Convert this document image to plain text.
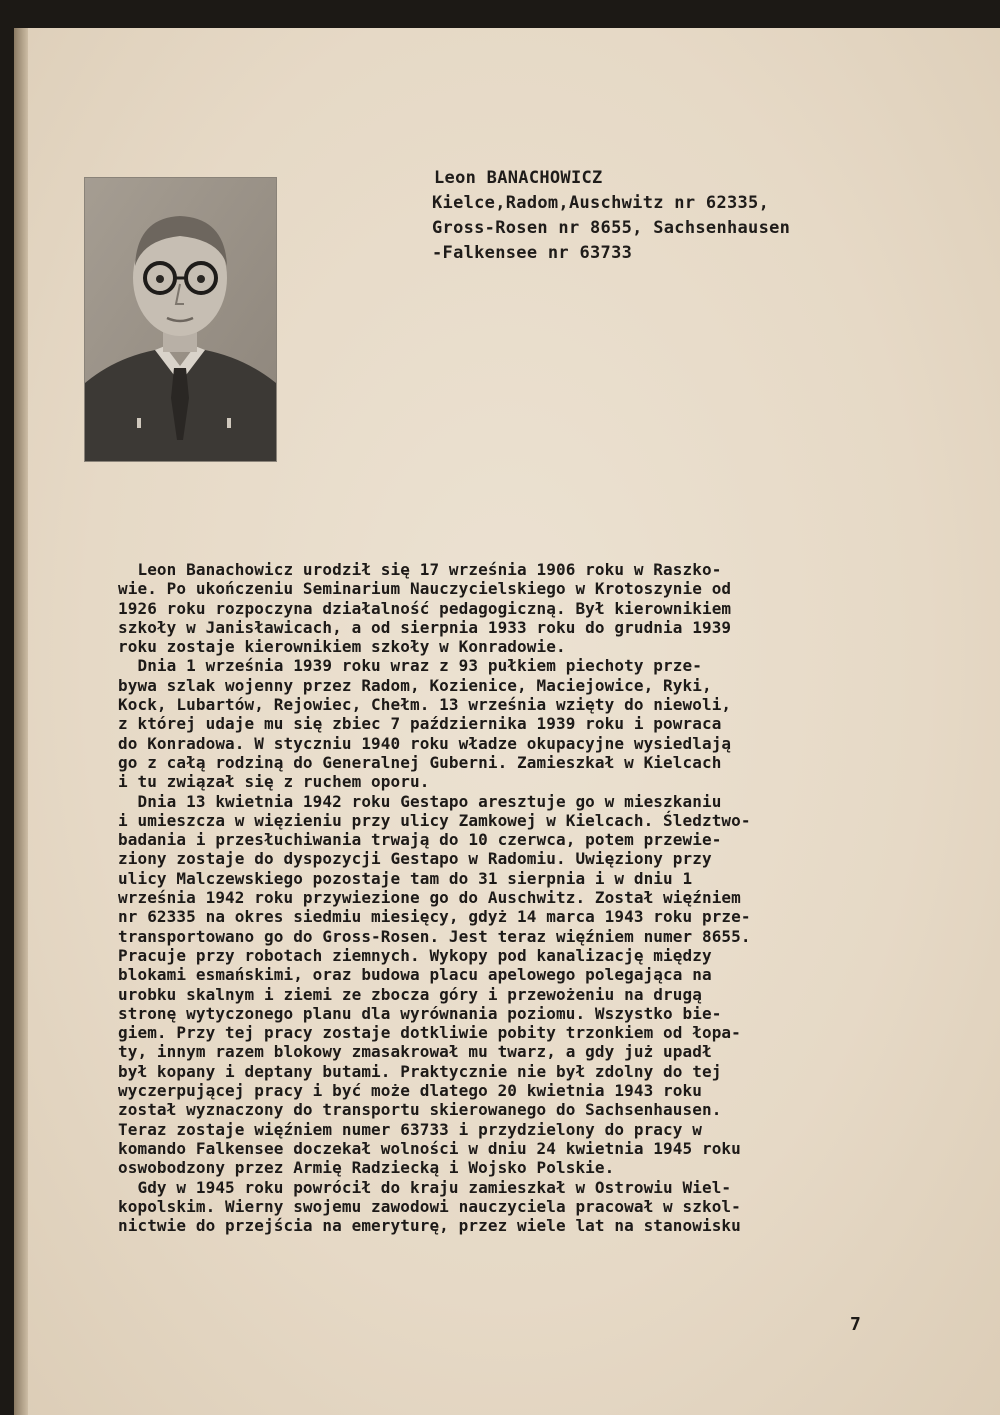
Leon BANACHOWICZ
Kielce,Radom,Auschwitz nr 62335,
Gross-Rosen nr 8655, Sachsenhausen
-Falkensee nr 63733
Leon Banachowicz urodził się 17 września 1906 roku w Raszko-
wie. Po ukończeniu Seminarium Nauczycielskiego w Krotoszynie od
1926 roku rozpoczyna działalność pedagogiczną. Był kierownikiem
szkoły w Janisławicach, a od sierpnia 1933 roku do grudnia 1939
roku zostaje kierownikiem szkoły w Konradowie.
Dnia 1 września 1939 roku wraz z 93 pułkiem piechoty prze-
bywa szlak wojenny przez Radom, Kozienice, Maciejowice, Ryki,
Kock, Lubartów, Rejowiec, Chełm. 13 września wzięty do niewoli,
z której udaje mu się zbiec 7 października 1939 roku i powraca
do Konradowa. W styczniu 1940 roku władze okupacyjne wysiedlają
go z całą rodziną do Generalnej Guberni. Zamieszkał w Kielcach
i tu związał się z ruchem oporu.
Dnia 13 kwietnia 1942 roku Gestapo aresztuje go w mieszkaniu
i umieszcza w więzieniu przy ulicy Zamkowej w Kielcach. Śledztwo-
badania i przesłuchiwania trwają do 10 czerwca, potem przewie-
ziony zostaje do dyspozycji Gestapo w Radomiu. Uwięziony przy
ulicy Malczewskiego pozostaje tam do 31 sierpnia i w dniu 1
września 1942 roku przywiezione go do Auschwitz. Został więźniem
nr 62335 na okres siedmiu miesięcy, gdyż 14 marca 1943 roku prze-
transportowano go do Gross-Rosen. Jest teraz więźniem numer 8655.
Pracuje przy robotach ziemnych. Wykopy pod kanalizację między
blokami esmańskimi, oraz budowa placu apelowego polegająca na
urobku skalnym i ziemi ze zbocza góry i przewożeniu na drugą
stronę wytyczonego planu dla wyrównania poziomu. Wszystko bie-
giem. Przy tej pracy zostaje dotkliwie pobity trzonkiem od łopa-
ty, innym razem blokowy zmasakrował mu twarz, a gdy już upadł
był kopany i deptany butami. Praktycznie nie był zdolny do tej
wyczerpującej pracy i być może dlatego 20 kwietnia 1943 roku
został wyznaczony do transportu skierowanego do Sachsenhausen.
Teraz zostaje więźniem numer 63733 i przydzielony do pracy w
komando Falkensee doczekał wolności w dniu 24 kwietnia 1945 roku
oswobodzony przez Armię Radziecką i Wojsko Polskie.
Gdy w 1945 roku powrócił do kraju zamieszkał w Ostrowiu Wiel-
kopolskim. Wierny swojemu zawodowi nauczyciela pracował w szkol-
nictwie do przejścia na emeryturę, przez wiele lat na stanowisku
7
